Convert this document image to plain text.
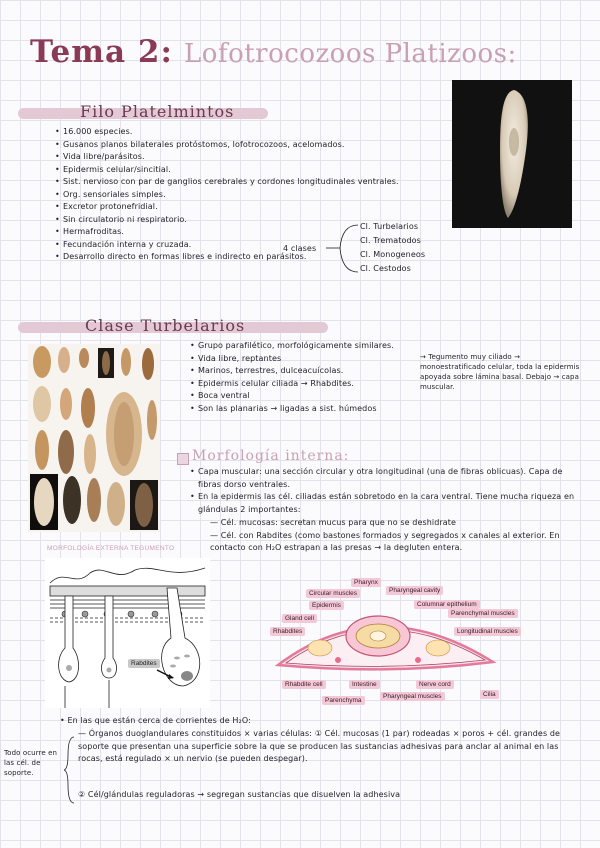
Tema 2: Lofotrocozoos Platizoos:
Filo Platelmintos
• 16.000 especies.
• Gusanos planos bilaterales protóstomos, lofotrocozoos, acelomados.
• Vida libre/parásitos.
• Epidermis celular/sincitial.
• Sist. nervioso con par de ganglios cerebrales y cordones longitudinales ventrales.
• Org. sensoriales simples.
• Excretor protonefridial.
• Sin circulatorio ni respiratorio.
• Hermafroditas.
• Fecundación interna y cruzada.
• Desarrollo directo en formas libres e indirecto en parásitos.
4 clases
Cl. Turbelarios
Cl. Trematodos
Cl. Monogeneos
Cl. Cestodos
Clase Turbelarios
• Grupo parafilético, morfológicamente similares.
• Vida libre, reptantes
• Marinos, terrestres, dulceacuícolas.
• Epidermis celular ciliada → Rhabdites.
• Boca ventral
• Son las planarias → ligadas a sist. húmedos
→ Tegumento muy ciliado → monoestratificado celular, toda la epidermis apoyada sobre lámina basal. Debajo → capa muscular.
Morfología interna:
• Capa muscular: una sección circular y otra longitudinal (una de fibras oblicuas). Capa de fibras dorso ventrales.
• En la epidermis las cél. ciliadas están sobretodo en la cara ventral. Tiene mucha riqueza en glándulas 2 importantes:
— Cél. mucosas: secretan mucus para que no se deshidrate
— Cél. con Rabdites (como bastones formados y segregados x canales al exterior. En contacto con H₂O estrapan a las presas → la degluten entera.
MORFOLOGÍA EXTERNA TEGUMENTO
Rabdites
Pharynx
Circular muscles	Pharyngeal cavity
Epidermis	Columnar epithelium
Gland cell
Parenchymal muscles
Rhabdites	Longitudinal muscles
Rhabdite cell	Intestine	Nerve cord
Pharyngeal muscles	Cilia
Parenchyma
• En las que están cerca de corrientes de H₂O:
— Órganos duoglandulares constituidos × varias células: ① Cél. mucosas (1 par) rodeadas × poros + cél. grandes de soporte que presentan una superficie sobre la que se producen las sustancias adhesivas para anclar al animal en las rocas, está regulado × un nervio (se pueden despegar).
Todo ocurre en las cél. de soporte.
② Cél/glándulas reguladoras → segregan sustancias que disuelven la adhesiva
